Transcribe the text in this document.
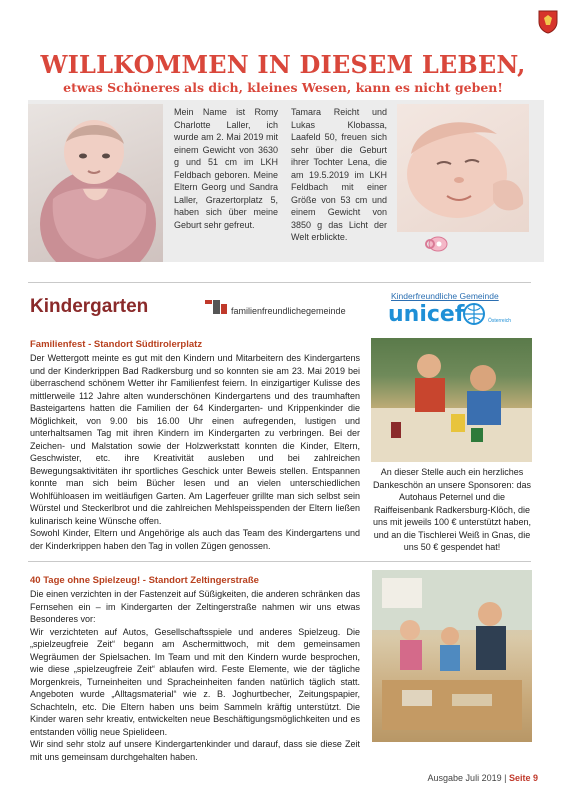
WILLKOMMEN IN DIESEM LEBEN,
etwas Schöneres als dich, kleines Wesen, kann es nicht geben!
Mein Name ist Romy Charlotte Laller, ich wurde am 2. Mai 2019 mit einem Gewicht von 3630 g und 51 cm im LKH Feldbach geboren. Meine Eltern Georg und Sandra Laller, Grazertorplatz 5, haben sich über meine Geburt sehr gefreut.
Tamara Reicht und Lukas Klobassa, Laafeld 50, freuen sich sehr über die Geburt ihrer Tochter Lena, die am 19.5.2019 im LKH Feldbach mit einer Größe von 53 cm und einem Gewicht von 3850 g das Licht der Welt erblickte.
Kindergarten	familienfreundlichegemeinde
Kinderfreundliche Gemeinde
unicef	Österreich
Familienfest - Standort Südtirolerplatz

Der Wettergott meinte es gut mit den Kindern und Mitarbeitern des Kindergartens und der Kinderkrippen Bad Radkersburg und so konnten sie am 23. Mai 2019 bei überraschend schönem Wetter ihr Familienfest feiern. In einzigartiger Kulisse des mittlerweile 112 Jahre alten wunderschönen Kindergartens und des traumhaften Basteigartens hatten die Familien der 64 Kindergarten- und Krippenkinder die Möglichkeit, von 9.00 bis 16.00 Uhr einen aufregenden, lustigen und unterhaltsamen Tag mit ihren Kindern im Kindergarten zu verbringen. Bei der Zeichen- und Malstation sowie der Holzwerkstatt konnten die Kinder, Eltern, Geschwister, etc. ihre Kreativität ausleben und bei zahlreichen Bewegungsaktivitäten ihr sportliches Geschick unter Beweis stellen. Entspannen konnte man sich beim Bücher lesen und an vielen unterschiedlichen Wohlfühloasen im weitläufigen Garten. Am Lagerfeuer grillte man sich selbst sein Würstel und Steckerlbrot und die zahlreichen Mehlspeisspenden der Eltern ließen kulinarisch keine Wünsche offen.

Sowohl Kinder, Eltern und Angehörige als auch das Team des Kindergartens und der Kinderkrippen haben den Tag in vollen Zügen genossen.

An dieser Stelle auch ein herzliches Dankeschön an unsere Sponsoren: das Autohaus Peternel und die Raiffeisenbank Radkersburg-Klöch, die uns mit jeweils 100 € unterstützt haben, und an die Tischlerei Weiß in Gnas, die uns 50 € gespendet hat!
40 Tage ohne Spielzeug! - Standort Zeltingerstraße

Die einen verzichten in der Fastenzeit auf Süßigkeiten, die anderen schränken das Fernsehen ein – im Kindergarten der Zeltingerstraße nahmen wir uns etwas Besonderes vor:

Wir verzichteten auf Autos, Gesellschaftsspiele und anderes Spielzeug. Die „spielzeugfreie Zeit“ begann am Aschermittwoch, mit dem gemeinsamen Wegräumen der Spielsachen. Im Team und mit den Kindern wurde besprochen, wie diese „spielzeugfreie Zeit“ ablaufen wird. Feste Elemente, wie der tägliche Morgenkreis, Turneinheiten und Spracheinheiten fanden natürlich täglich statt. Angeboten wurde „Alltagsmaterial“ wie z. B. Joghurtbecher, Zeitungspapier, Schachteln, etc. Die Eltern haben uns beim Sammeln kräftig unterstützt. Die Kinder waren sehr kreativ, entwickelten neue Beschäftigungsmöglichkeiten und es entstanden völlig neue Spielideen.

Wir sind sehr stolz auf unsere Kindergartenkinder und darauf, dass sie diese Zeit mit uns gemeinsam durchgehalten haben.

Ausgabe Juli 2019 | Seite 9
